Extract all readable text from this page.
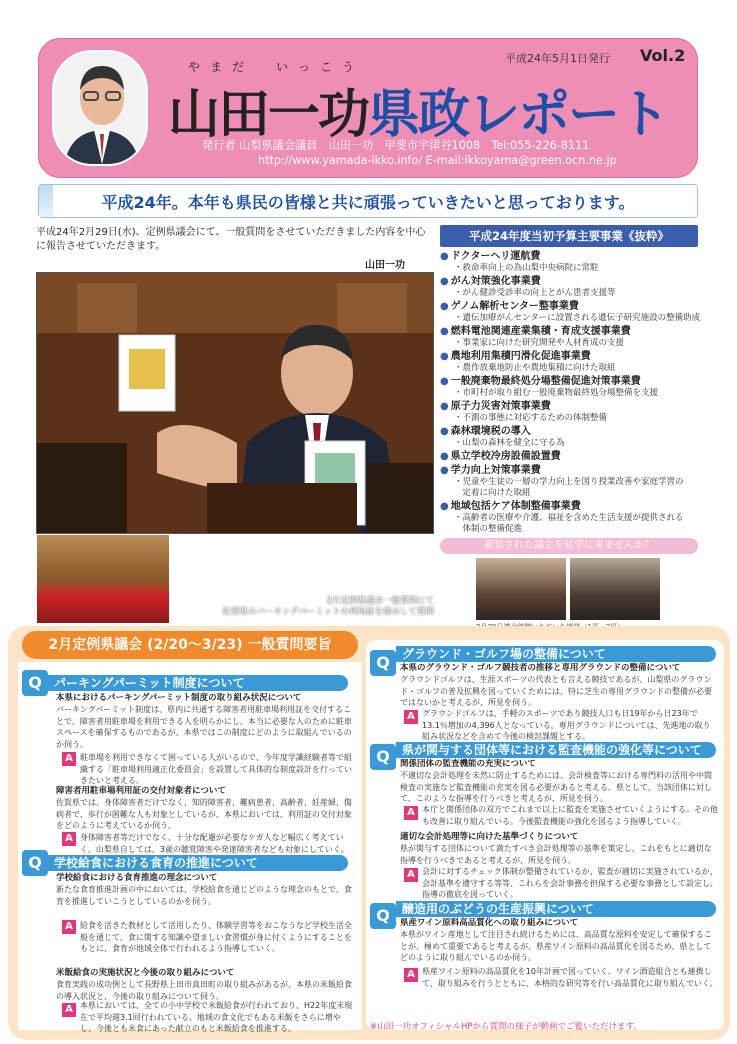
平成24年5月1日発行 Vol.2
やまだ　いっこう
山田一功県政レポート
発行者 山梨県議会議員　山田一功　甲斐市宇津谷1008　Tel:055-226-8111
http://www.yamada-ikko.info/ E-mail:ikkoyama@green.ocn.ne.jp
平成24年。本年も県民の皆様と共に頑張っていきたいと思っております。
平成24年2月29日(水)、定例県議会にて、一般質問をさせていただきました内容を中心に報告させていただきます。
山田一功
2月定例県議会一般質問にて
佐賀県のパーキングパーミットの利用証を提示して質問
平成24年度当初予算主要事業《抜粋》
● ドクターヘリ運航費
・救命率向上の為山梨中央病院に常駐
● がん対策強化事業費
・がん健診受診率の向上とがん患者支援等
● ゲノム解析センター整事業費
・遺伝加療がんセンターに設置される遺伝子研究施設の整備助成
● 燃料電池関連産業集積・育成支援事業費
・事業家に向けた研究開発や人材育成の支援
● 農地利用集積円滑化促進事業費
・農作放棄地防止や農地集積に向けた取組
● 一般廃棄物最終処分場整備促進対策事業費
・市町村が取り組む一般廃棄物最終処分場整備を支援
● 原子力災害対策事業費
・不測の事態に対応するための体制整備
● 森林環境税の導入
・山梨の森林を健全に守る為
● 県立学校冷房設備設置費
● 学力向上対策事業費
・児童や生徒の一層の学力向上を図り授業改善や家庭学習の
　定着に向けた取組
● 地域包括ケア体制整備事業費
・高齢者の医療や介護、福祉を含めた生活支援が提供される
　体制の整備促進
新装された議会を見学に来ませんか？
2月定例県議会 (2/20〜3/23) 一般質問要旨
Q	パーキングパーミット制度について
本県におけるパーキングパーミット制度の取り組み状況について
パーキングパーミット制度は、県内に共通する障害者用駐車場利用証を交付することで、障害者用駐車場を利用できる人を明らかにし、本当に必要な人のために駐車スペースを確保するものであるが、本県ではこの制度にどのように取組んでいるのか伺う。
A 駐車場を利用できなくて困っている人がいるので、今年度学識経験者等で組織する「駐車場利用適正化委員会」を設置して具体的な制度設計を行っていきたいと考える。
障害者用駐車場利用証の交付対象者について
佐賀県では、身体障害者だけでなく、知的障害者、難病患者、高齢者、妊産婦、傷病者で、歩行が困難な人も対象としているが、本県においては、利用証の交付対象をどのように考えているか伺う。
A 身体障害者等だけでなく、十分な配慮が必要なケガ人など幅広く考えていく。山梨県自しては、3歳の聴覚障害や発達障害者なども対象にしていく。
Q	学校給食における食育の推進について
学校給食における食育推進の理念について
新たな食育推進計画の中においては、学校給食を通じどのような理念のもとで、食育を推進していこうとしているのかを伺う。
A 給食を活きた教材として活用したり、体験学習等をおこなうなど学校生活全般を通じて、食に関する知識や望ましい食習慣が身に付くようにすることをもとに、食育が地域全体で行われるよう指導していく。
米飯給食の実施状況と今後の取り組みについて
食育実践の成功例として長野県上田市真田町の取り組みがあるが、本県の米飯給食の導入状況と、今後の取り組みについて伺う。
A 本県においては、全ての小中学校で米飯給食が行われており、H22年度末現在で平均週3.1回行われている。地域の食文化でもある米飯をさらに増やし、今後とも米食にあった献立のもと米飯給食を推進する。
Q	グラウンド・ゴルフ場の整備について
本県のグラウンド・ゴルフ競技者の推移と専用グラウンドの整備について
グラウンドゴルフは、生涯スポーツの代表とも言える競技であるが、山梨県のグラウンド・ゴルフの普及拡興を図っていくためには、特に芝生の専用グラウンドの整備が必要ではないかと考えるが、所見を伺う。
A グラウンドゴルフは、手軽のスポーツであり競技人口も日19年から日23年で13.1％増加の4,396人となっている。専用グラウンドについては、先進地の取り組み状況などを含めて今後の検討課題とする。
Q	県が関与する団体等における監査機能の強化等について
関係団体の監査機能の充実について
不適切な会計処理を未然に防止するためには、会計検査等における専門料の活用や中間検査の実施など監査機能の充実を図る必要があると考える。県として、当該団体に対して、このような指導を行うべきと考えるが、所見を伺う。
A 本庁と関係団体の双方でこれまで以上に監査を実施させていくようにする。その他も改善に取り組んでいる。今後監査機能の強化を図るよう指導していく。
適切な会計処理等に向けた基準づくりについて
県が関与する団体について満たすべき会計処理等の基準を策定し、これをもとに適切な指導を行うべきであると考えるが、所見を伺う。
A 会計に対するチェック体制が整備されているか、監査が適切に実施されているか、会計基準を遵守する等等、これらを会計事務を担保する必要な事務として設定し、指導の徹底を図っていく。
Q	醸造用のぶどうの生産振興について
県産ワイン原料高品質化への取り組みについて
本県がワイン産地として注目され続けるためには、高品質な原料を安定して確保することが、極めて重要であると考えるが、県産ワイン原料の高品質化を図るため、県としてどのように取り組んでいるのか伺う。
A 県産ワイン原料の高品質化を10年計画で図っていく。ワイン酒造組合とも連携して、取り組みを行うとともに、本格的な研究等を行い高品質化に取り組んでいく。
※山田一功オフィシャルHPから質問の様子が動画でご覧いただけます。
